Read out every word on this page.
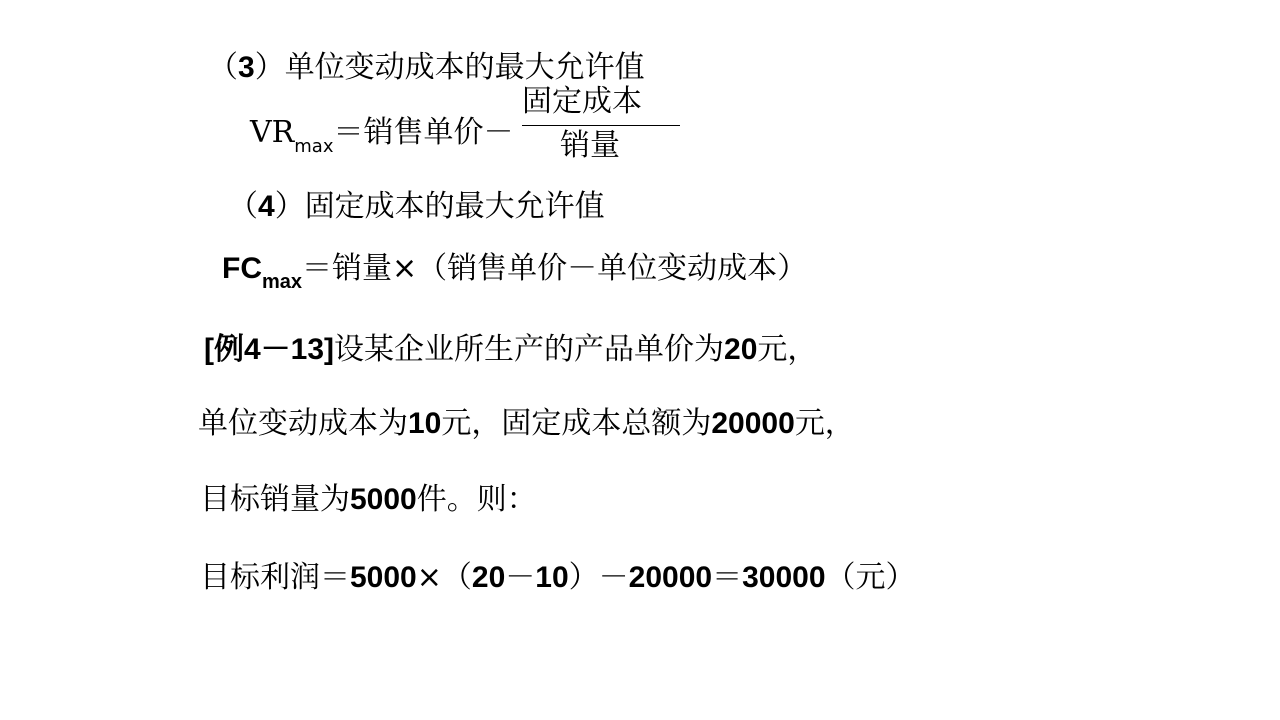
（3）单位变动成本的最大允许值
$VR_{max}=$销售单价－
固定成本
销量
（4）固定成本的最大允许值
$FC_{max}=$销量×（销售单价－单位变动成本）
[例4－13]设某企业所生产的产品单价为20元，
单位变动成本为10元，固定成本总额为20000元，
目标销量为5000件。则：
目标利润＝5000×（20－10）－20000＝30000（元）
